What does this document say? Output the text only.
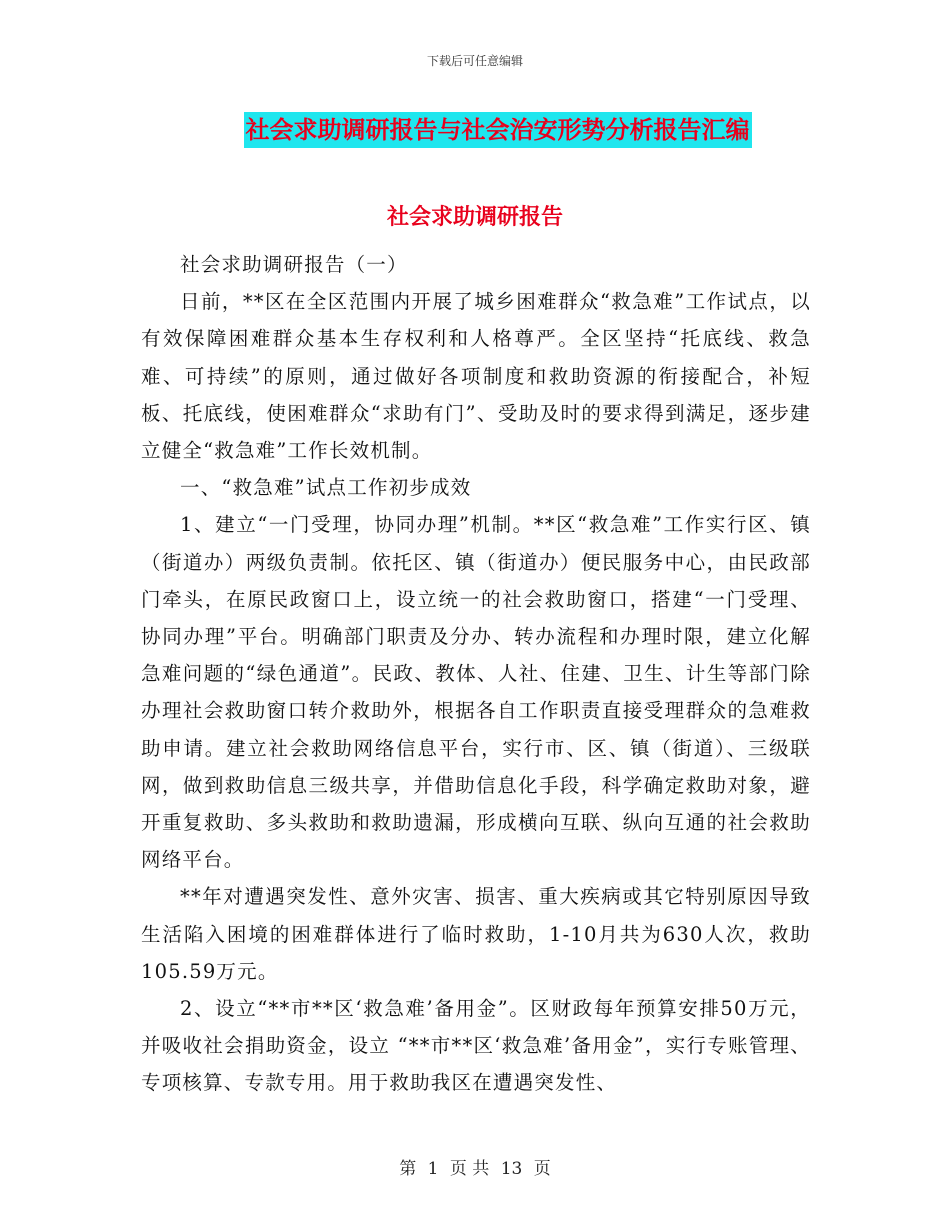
下载后可任意编辑
社会求助调研报告与社会治安形势分析报告汇编
社会求助调研报告

社会求助调研报告（一）

日前，**区在全区范围内开展了城乡困难群众“救急难”工作试点，以有效保障困难群众基本生存权利和人格尊严。全区坚持“托底线、救急难、可持续”的原则，通过做好各项制度和救助资源的衔接配合，补短板、托底线，使困难群众“求助有门”、受助及时的要求得到满足，逐步建立健全“救急难”工作长效机制。

一、“救急难”试点工作初步成效

1、建立“一门受理，协同办理”机制。**区“救急难”工作实行区、镇（街道办）两级负责制。依托区、镇（街道办）便民服务中心，由民政部门牵头，在原民政窗口上，设立统一的社会救助窗口，搭建“一门受理、协同办理”平台。明确部门职责及分办、转办流程和办理时限，建立化解急难问题的“绿色通道”。民政、教体、人社、住建、卫生、计生等部门除办理社会救助窗口转介救助外，根据各自工作职责直接受理群众的急难救助申请。建立社会救助网络信息平台，实行市、区、镇（街道）、三级联网，做到救助信息三级共享，并借助信息化手段，科学确定救助对象，避开重复救助、多头救助和救助遗漏，形成横向互联、纵向互通的社会救助网络平台。

**年对遭遇突发性、意外灾害、损害、重大疾病或其它特别原因导致生活陷入困境的困难群体进行了临时救助，1-10月共为630人次，救助105.59万元。

2、设立“**市**区‘救急难’备用金”。区财政每年预算安排50万元，并吸收社会捐助资金，设立 “**市**区‘救急难’备用金”，实行专账管理、专项核算、专款专用。用于救助我区在遭遇突发性、

第 1 页 共 13 页
